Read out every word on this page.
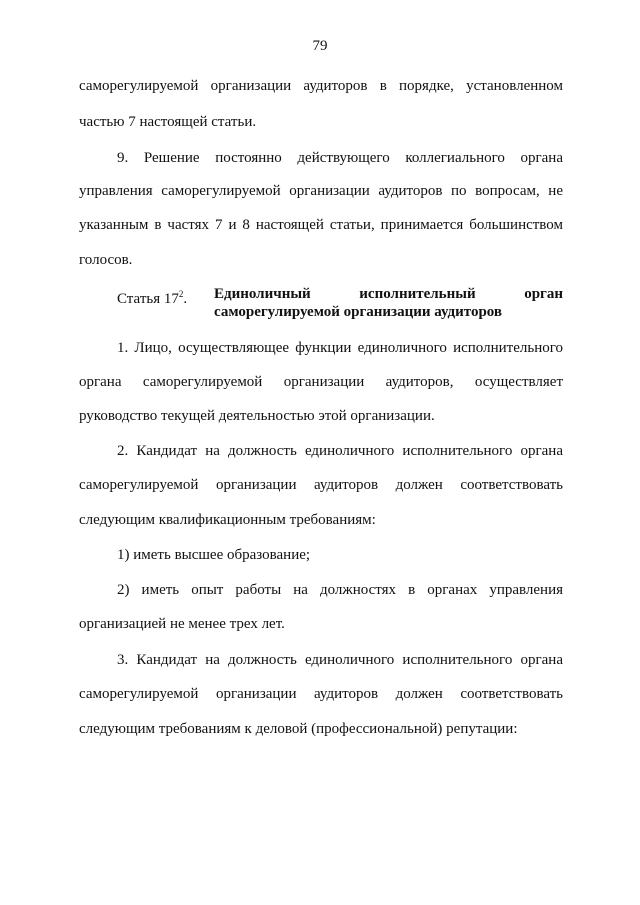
79
саморегулируемой организации аудиторов в порядке, установленном
частью 7 настоящей статьи.
9. Решение постоянно действующего коллегиального органа
управления саморегулируемой организации аудиторов по вопросам, не
указанным в частях 7 и 8 настоящей статьи, принимается большинством
голосов.
Статья $17^2$. Единоличный исполнительный орган
саморегулируемой организации аудиторов
1. Лицо, осуществляющее функции единоличного исполнительного
органа саморегулируемой организации аудиторов, осуществляет
руководство текущей деятельностью этой организации.
2. Кандидат на должность единоличного исполнительного органа
саморегулируемой организации аудиторов должен соответствовать
следующим квалификационным требованиям:
1) иметь высшее образование;
2) иметь опыт работы на должностях в органах управления
организацией не менее трех лет.
3. Кандидат на должность единоличного исполнительного органа
саморегулируемой организации аудиторов должен соответствовать
следующим требованиям к деловой (профессиональной) репутации:
